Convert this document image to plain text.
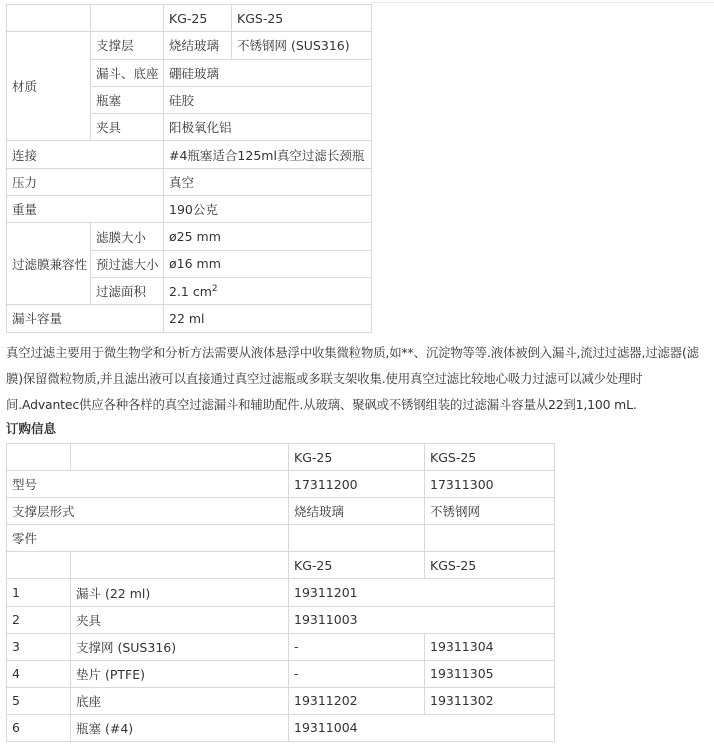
		KG-25	KGS-25
材质	支撑层	烧结玻璃	不锈钢网 (SUS316)
	漏斗、底座	硼硅玻璃	
	瓶塞	硅胶	
	夹具	阳极氧化铝	
连接		#4瓶塞适合125ml真空过滤长颈瓶	
压力		真空	
重量		190公克	
过滤膜兼容性	滤膜大小	ø25 mm	
	预过滤大小	ø16 mm	
	过滤面积	2.1 $cm^2$
漏斗容量		22 ml	
真空过滤主要用于微生物学和分析方法需要从液体悬浮中收集微粒物质,如**、沉淀物等等.液体被倒入漏斗,流过过滤器,过滤器(滤膜)保留微粒物质,并且滤出液可以直接通过真空过滤瓶或多联支架收集.使用真空过滤比较地心吸力过滤可以减少处理时间.Advantec供应各种各样的真空过滤漏斗和辅助配件.从玻璃、聚砜或不锈钢组装的过滤漏斗容量从22到1,100 mL.
订购信息
		KG-25	KGS-25
型号		17311200	17311300
支撑层形式		烧结玻璃	不锈钢网
零件			
		KG-25	KGS-25
1	漏斗 (22 ml)	19311201	
2	夹具	19311003	
3	支撑网 (SUS316)	-	19311304
4	垫片 (PTFE)	-	19311305
5	底座	19311202	19311302
6	瓶塞 (#4)	19311004	
